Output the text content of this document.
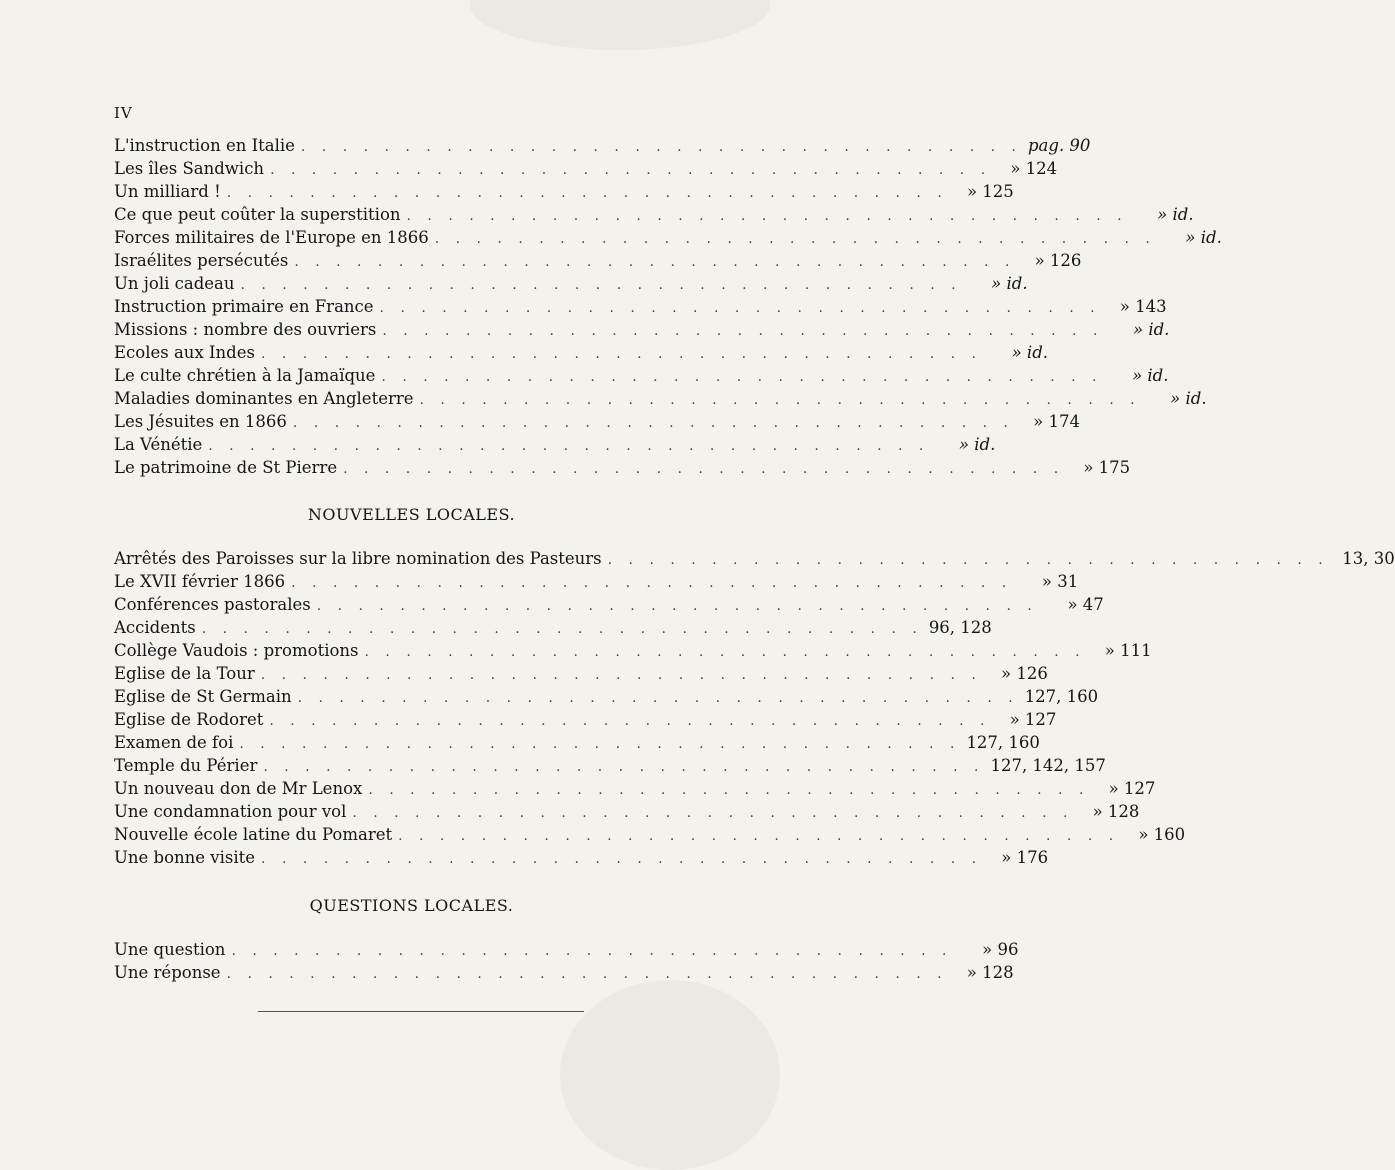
IV
L'instruction en Italie . . . . . . . . . . . . . . . . . . . . . . . . . . . . . . . . . . . pag. 90
Les îles Sandwich . . . . . . . . . . . . . . . . . . . . . . . . . . . . . . . . . . .	» 124
Un milliard ! . . . . . . . . . . . . . . . . . . . . . . . . . . . . . . . . . . .	» 125
Ce que peut coûter la superstition . . . . . . . . . . . . . . . . . . . . . . . . . . . . . . . . . . .	» id.
Forces militaires de l'Europe en 1866 . . . . . . . . . . . . . . . . . . . . . . . . . . . . . . . . . . .	» id.
Israélites persécutés . . . . . . . . . . . . . . . . . . . . . . . . . . . . . . . . . . .	» 126
Un joli cadeau . . . . . . . . . . . . . . . . . . . . . . . . . . . . . . . . . . .	» id.
Instruction primaire en France . . . . . . . . . . . . . . . . . . . . . . . . . . . . . . . . . . .	» 143
Missions : nombre des ouvriers . . . . . . . . . . . . . . . . . . . . . . . . . . . . . . . . . . .	» id.
Ecoles aux Indes . . . . . . . . . . . . . . . . . . . . . . . . . . . . . . . . . . .	» id.
Le culte chrétien à la Jamaïque . . . . . . . . . . . . . . . . . . . . . . . . . . . . . . . . . . .	» id.
Maladies dominantes en Angleterre . . . . . . . . . . . . . . . . . . . . . . . . . . . . . . . . . . .	» id.
Les Jésuites en 1866 . . . . . . . . . . . . . . . . . . . . . . . . . . . . . . . . . . .	» 174
La Vénétie . . . . . . . . . . . . . . . . . . . . . . . . . . . . . . . . . . .	» id.
Le patrimoine de St Pierre . . . . . . . . . . . . . . . . . . . . . . . . . . . . . . . . . . .	» 175
NOUVELLES LOCALES.
Arrêtés des Paroisses sur la libre nomination des Pasteurs . . . . . . . . . . . . . . . . . . . . . . . . . . . . . . . . . . . 13, 30
Le XVII février 1866 . . . . . . . . . . . . . . . . . . . . . . . . . . . . . . . . . . .	» 31
Conférences pastorales . . . . . . . . . . . . . . . . . . . . . . . . . . . . . . . . . . .	» 47
Accidents . . . . . . . . . . . . . . . . . . . . . . . . . . . . . . . . . . . 96, 128
Collège Vaudois : promotions . . . . . . . . . . . . . . . . . . . . . . . . . . . . . . . . . . .	» 111
Eglise de la Tour . . . . . . . . . . . . . . . . . . . . . . . . . . . . . . . . . . .	» 126
Eglise de St Germain . . . . . . . . . . . . . . . . . . . . . . . . . . . . . . . . . . . 127, 160
Eglise de Rodoret . . . . . . . . . . . . . . . . . . . . . . . . . . . . . . . . . . .	» 127
Examen de foi . . . . . . . . . . . . . . . . . . . . . . . . . . . . . . . . . . . 127, 160
Temple du Périer . . . . . . . . . . . . . . . . . . . . . . . . . . . . . . . . . . . 127, 142, 157
Un nouveau don de Mr Lenox . . . . . . . . . . . . . . . . . . . . . . . . . . . . . . . . . . .	» 127
Une condamnation pour vol . . . . . . . . . . . . . . . . . . . . . . . . . . . . . . . . . . .	» 128
Nouvelle école latine du Pomaret . . . . . . . . . . . . . . . . . . . . . . . . . . . . . . . . . . .	» 160
Une bonne visite . . . . . . . . . . . . . . . . . . . . . . . . . . . . . . . . . . .	» 176
QUESTIONS LOCALES.
Une question . . . . . . . . . . . . . . . . . . . . . . . . . . . . . . . . . . .	» 96
Une réponse . . . . . . . . . . . . . . . . . . . . . . . . . . . . . . . . . . .	» 128
